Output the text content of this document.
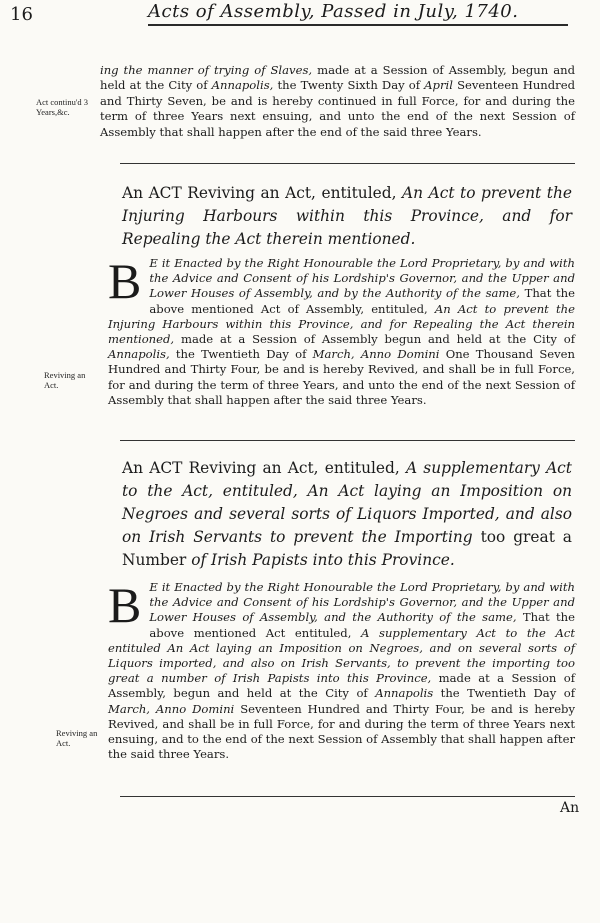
16	Acts of Assembly, Passed in July, 1740.
Act continu'd 3 Years,&c.
ing the manner of trying of Slaves, made at a Session of Assembly, begun and held at the City of Annapolis, the Twenty Sixth Day of April Seventeen Hundred and Thirty Seven, be and is hereby continued in full Force, for and during the term of three Years next ensuing, and unto the end of the next Session of Assembly that shall happen after the end of the said three Years.
An ACT Reviving an Act, entituled, An Act to prevent the Injuring Harbours within this Province, and for Repealing the Act therein mentioned.
Reviving an Act.
B E it Enacted by the Right Honourable the Lord Proprietary, by and with the Advice and Consent of his Lordship's Governor, and the Upper and Lower Houses of Assembly, and by the Authority of the same, That the above mentioned Act of Assembly, entituled, An Act to prevent the Injuring Harbours within this Province, and for Repealing the Act therein mentioned, made at a Session of Assembly begun and held at the City of Annapolis, the Twentieth Day of March, Anno Domini One Thousand Seven Hundred and Thirty Four, be and is hereby Revived, and shall be in full Force, for and during the term of three Years, and unto the end of the next Session of Assembly that shall happen after the said three Years.
An ACT Reviving an Act, entituled, A supplementary Act to the Act, entituled, An Act laying an Imposition on Negroes and several sorts of Liquors Imported, and also on Irish Servants to prevent the Importing too great a Number of Irish Papists into this Province.
Reviving an Act.
B E it Enacted by the Right Honourable the Lord Proprietary, by and with the Advice and Consent of his Lordship's Governor, and the Upper and Lower Houses of Assembly, and the Authority of the same, That the above mentioned Act entituled, A supplementary Act to the Act entituled An Act laying an Imposition on Negroes, and on several sorts of Liquors imported, and also on Irish Servants, to prevent the importing too great a number of Irish Papists into this Province, made at a Session of Assembly, begun and held at the City of Annapolis the Twentieth Day of March, Anno Domini Seventeen Hundred and Thirty Four, be and is hereby Revived, and shall be in full Force, for and during the term of three Years next ensuing, and to the end of the next Session of Assembly that shall happen after the said three Years.
An
